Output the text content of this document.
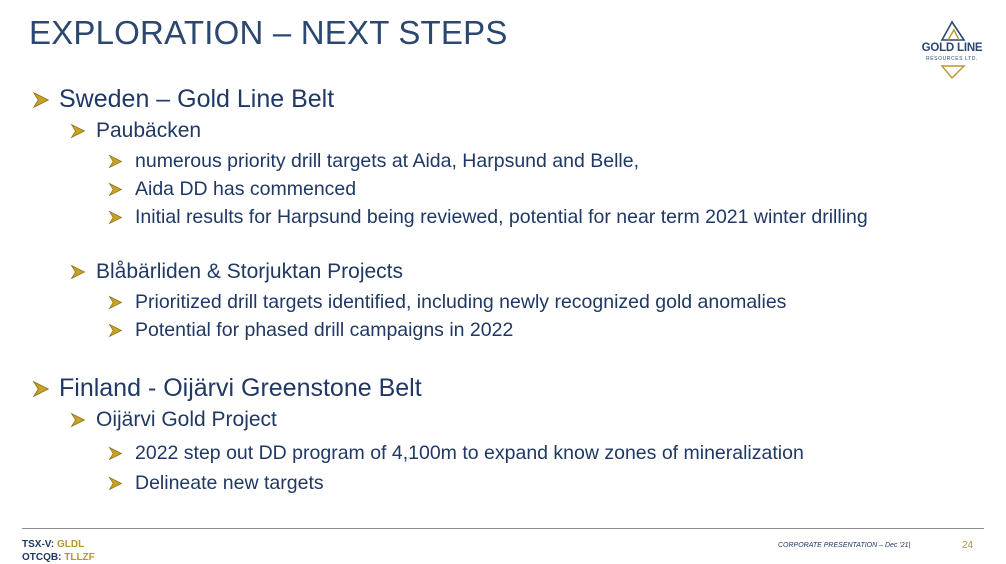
EXPLORATION – NEXT STEPS	GOLD LINE
RESOURCES LTD.
Sweden – Gold Line Belt
Paubäcken
numerous priority drill targets at Aida, Harpsund and Belle,
Aida DD has commenced
Initial results for Harpsund being reviewed, potential for near term 2021 winter drilling
Blåbärliden & Storjuktan Projects
Prioritized drill targets identified, including newly recognized gold anomalies
Potential for phased drill campaigns in 2022
Finland - Oijärvi Greenstone Belt
Oijärvi Gold Project
2022 step out DD program of 4,100m to expand know zones of mineralization
Delineate new targets
TSX-V: GLDL
OTCQB: TLLZF
CORPORATE PRESENTATION – Dec '21|	24
